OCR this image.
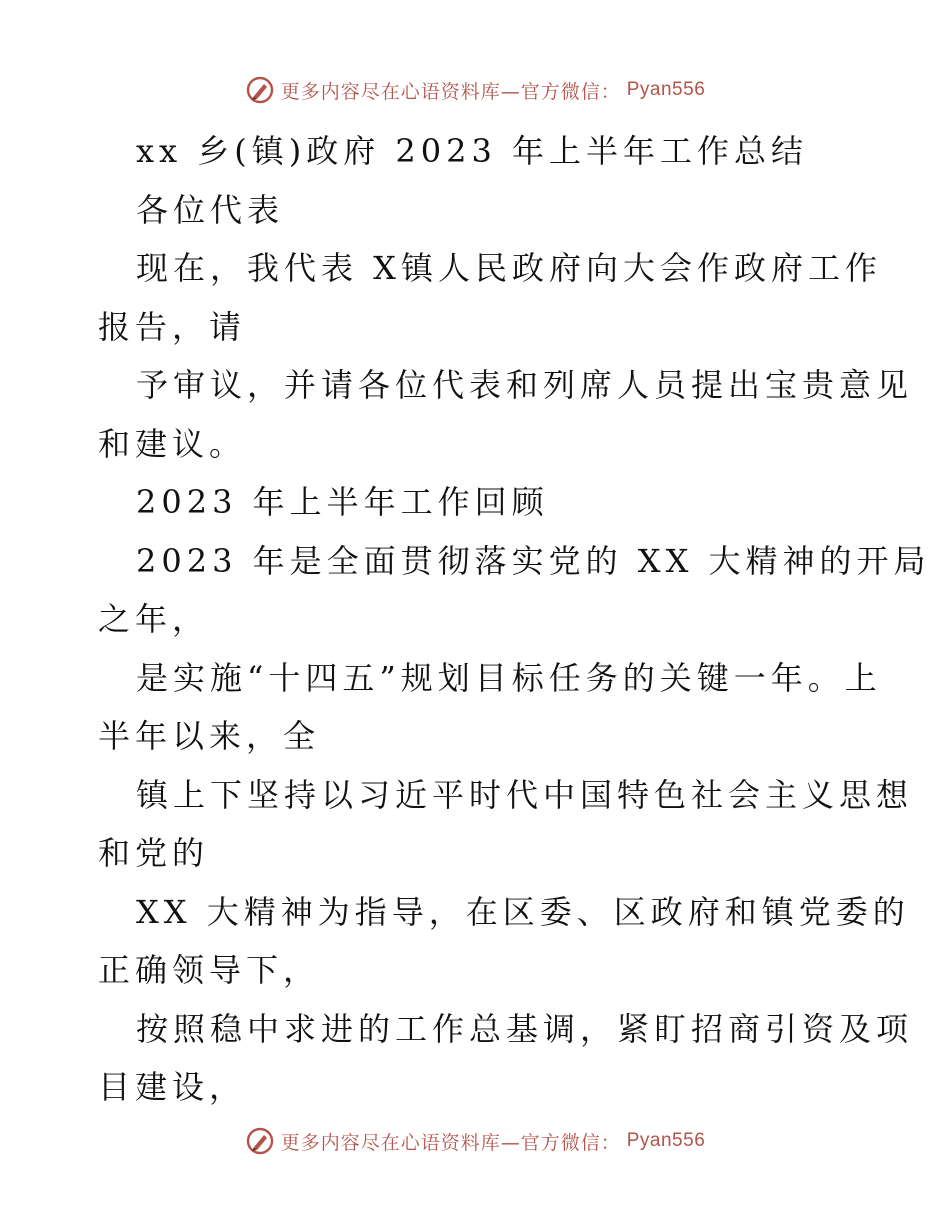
更多内容尽在心语资料库—官方微信： Pyan556
xx 乡(镇)政府 2023 年上半年工作总结
各位代表
现在，我代表 X镇人民政府向大会作政府工作
报告，请
予审议，并请各位代表和列席人员提出宝贵意见
和建议。
2023 年上半年工作回顾
2023 年是全面贯彻落实党的 XX 大精神的开局
之年，
是实施“十四五”规划目标任务的关键一年。上
半年以来，全
镇上下坚持以习近平时代中国特色社会主义思想
和党的
XX 大精神为指导，在区委、区政府和镇党委的
正确领导下，
按照稳中求进的工作总基调，紧盯招商引资及项
目建设，
更多内容尽在心语资料库—官方微信： Pyan556
